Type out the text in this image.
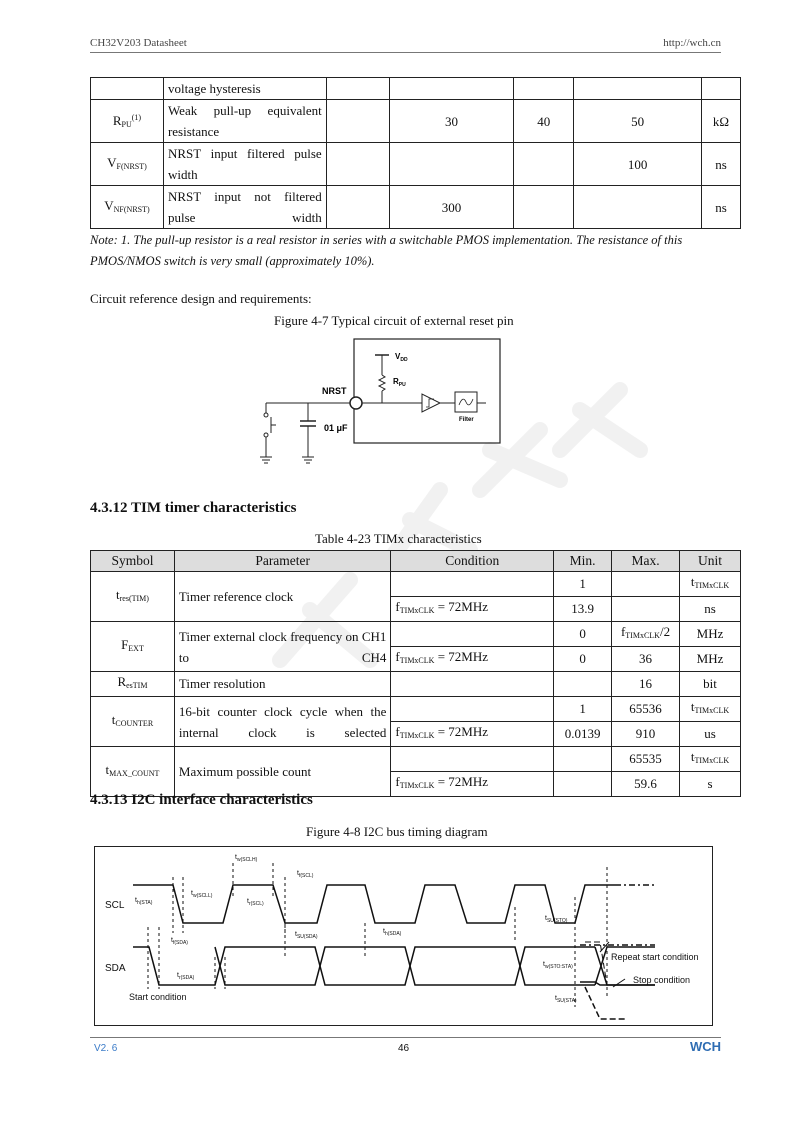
CH32V203 Datasheet	http://wch.cn
	voltage hysteresis					
$R_{PU}^{(1)}$	Weak pull-up equivalent resistance		30	40	50	kΩ
$V_{F(NRST)}$	NRST input filtered pulse width				100	ns
$V_{NF(NRST)}$	NRST input not filtered pulse width		300			ns
Note: 1. The pull-up resistor is a real resistor in series with a switchable PMOS implementation. The resistance of this PMOS/NMOS switch is very small (approximately 10%).
Circuit reference design and requirements:
Figure 4-7 Typical circuit of external reset pin
$V_{DD}$
$R_{PU}$
NRST
Filter
01 μF
4.3.12 TIM timer characteristics
Table 4-23 TIMx characteristics
Symbol	Parameter	Condition	Min.	Max.	Unit
$t_{res(TIM)}$	Timer reference clock		1		$t_{TIMxCLK}$
		$f_{TIMxCLK} = 72MHz$	13.9		ns
$F_{EXT}$	Timer external clock frequency on CH1 to CH4		0	$f_{TIMxCLK}/2$	MHz
		$f_{TIMxCLK} = 72MHz$	0	36	MHz
$R_{esTIM}$	Timer resolution			16	bit
$t_{COUNTER}$	16-bit counter clock cycle when the internal clock is selected		1	65536	$t_{TIMxCLK}$
		$f_{TIMxCLK} = 72MHz$	0.0139	910	us
$t_{MAX\_COUNT}$	Maximum possible count			65535	$t_{TIMxCLK}$
		$f_{TIMxCLK} = 72MHz$		59.6	s
4.3.13 I2C interface characteristics
Figure 4-8 I2C bus timing diagram
SCL
SDA
$t_{w(SCLH)}$
$t_{f(SCL)}$
$t_{h(STA)}$
$t_{w(SCLL)}$
$t_{r(SCL)}$
$t_{SU(STO)}$
$t_{f(SDA)}$
$t_{SU(SDA)}$
$t_{h(SDA)}$
$t_{r(SDA)}$
$t_{w(STO:STA)}$
$t_{SU(STA)}$
Repeat start condition
Stop condition
Start condition
V2. 6	46	WCH
